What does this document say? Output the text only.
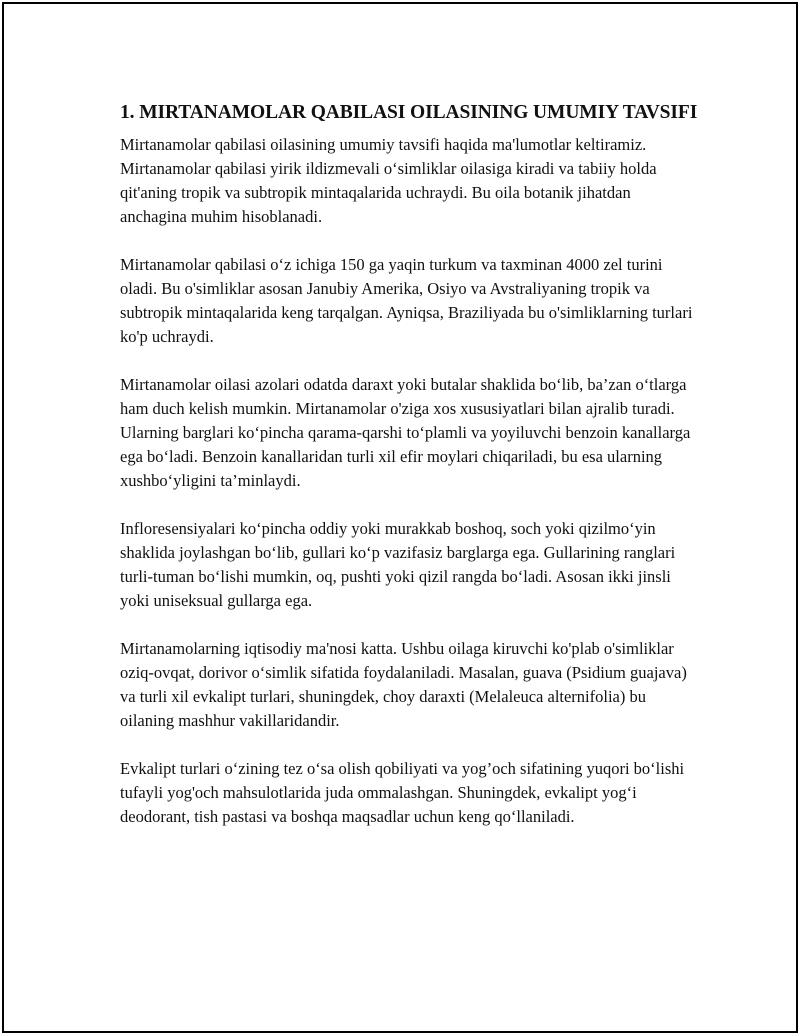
1. MIRTANAMOLAR QABILASI OILASINING UMUMIY TAVSIFI

Mirtanamolar qabilasi oilasining umumiy tavsifi haqida ma'lumotlar keltiramiz. Mirtanamolar qabilasi yirik ildizmevali o‘simliklar oilasiga kiradi va tabiiy holda qit'aning tropik va subtropik mintaqalarida uchraydi. Bu oila botanik jihatdan anchagina muhim hisoblanadi.

Mirtanamolar qabilasi o‘z ichiga 150 ga yaqin turkum va taxminan 4000 zel turini oladi. Bu o'simliklar asosan Janubiy Amerika, Osiyo va Avstraliyaning tropik va subtropik mintaqalarida keng tarqalgan. Ayniqsa, Braziliyada bu o'simliklarning turlari ko'p uchraydi.

Mirtanamolar oilasi azolari odatda daraxt yoki butalar shaklida bo‘lib, ba’zan o‘tlarga ham duch kelish mumkin. Mirtanamolar o'ziga xos xususiyatlari bilan ajralib turadi. Ularning barglari ko‘pincha qarama-qarshi to‘plamli va yoyiluvchi benzoin kanallarga ega bo‘ladi. Benzoin kanallaridan turli xil efir moylari chiqariladi, bu esa ularning xushbo‘yligini ta’minlaydi.

Infloresensiyalari ko‘pincha oddiy yoki murakkab boshoq, soch yoki qizilmo‘yin shaklida joylashgan bo‘lib, gullari ko‘p vazifasiz barglarga ega. Gullarining ranglari turli-tuman bo‘lishi mumkin, oq, pushti yoki qizil rangda bo‘ladi. Asosan ikki jinsli yoki uniseksual gullarga ega.

Mirtanamolarning iqtisodiy ma'nosi katta. Ushbu oilaga kiruvchi ko'plab o'simliklar oziq-ovqat, dorivor o‘simlik sifatida foydalaniladi. Masalan, guava (Psidium guajava) va turli xil evkalipt turlari, shuningdek, choy daraxti (Melaleuca alternifolia) bu oilaning mashhur vakillaridandir.

Evkalipt turlari o‘zining tez o‘sa olish qobiliyati va yog’och sifatining yuqori bo‘lishi tufayli yog'och mahsulotlarida juda ommalashgan. Shuningdek, evkalipt yog‘i deodorant, tish pastasi va boshqa maqsadlar uchun keng qo‘llaniladi.
